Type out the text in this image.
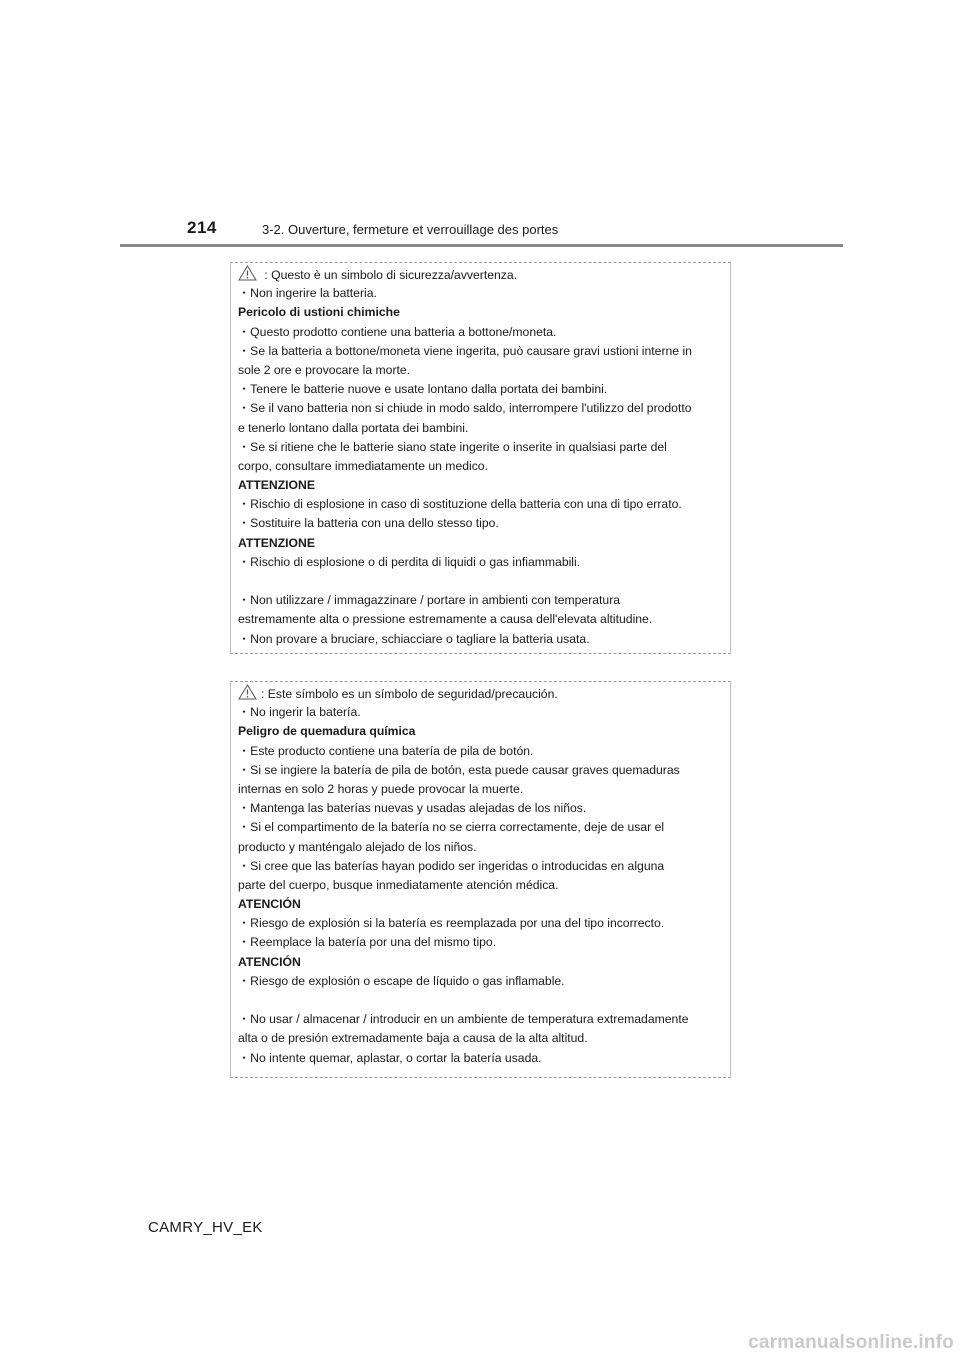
214	3-2. Ouverture, fermeture et verrouillage des portes
: Questo è un simbolo di sicurezza/avvertenza.
・Non ingerire la batteria.
Pericolo di ustioni chimiche
・Questo prodotto contiene una batteria a bottone/moneta.
・Se la batteria a bottone/moneta viene ingerita, può causare gravi ustioni interne in
sole 2 ore e provocare la morte.
・Tenere le batterie nuove e usate lontano dalla portata dei bambini.
・Se il vano batteria non si chiude in modo saldo, interrompere l'utilizzo del prodotto
e tenerlo lontano dalla portata dei bambini.
・Se si ritiene che le batterie siano state ingerite o inserite in qualsiasi parte del
corpo, consultare immediatamente un medico.
ATTENZIONE
・Rischio di esplosione in caso di sostituzione della batteria con una di tipo errato.
・Sostituire la batteria con una dello stesso tipo.
ATTENZIONE
・Rischio di esplosione o di perdita di liquidi o gas infiammabili.
・Non utilizzare / immagazzinare / portare in ambienti con temperatura
estremamente alta o pressione estremamente a causa dell'elevata altitudine.
・Non provare a bruciare, schiacciare o tagliare la batteria usata.
: Este símbolo es un símbolo de seguridad/precaución.
・No ingerir la batería.
Peligro de quemadura química
・Este producto contiene una batería de pila de botón.
・Si se ingiere la batería de pila de botón, esta puede causar graves quemaduras
internas en solo 2 horas y puede provocar la muerte.
・Mantenga las baterías nuevas y usadas alejadas de los niños.
・Si el compartimento de la batería no se cierra correctamente, deje de usar el
producto y manténgalo alejado de los niños.
・Si cree que las baterías hayan podido ser ingeridas o introducidas en alguna
parte del cuerpo, busque inmediatamente atención médica.
ATENCIÓN
・Riesgo de explosión si la batería es reemplazada por una del tipo incorrecto.
・Reemplace la batería por una del mismo tipo.
ATENCIÓN
・Riesgo de explosión o escape de líquido o gas inflamable.
・No usar / almacenar / introducir en un ambiente de temperatura extremadamente
alta o de presión extremadamente baja a causa de la alta altitud.
・No intente quemar, aplastar, o cortar la batería usada.
CAMRY_HV_EK
carmanualsonline.info
